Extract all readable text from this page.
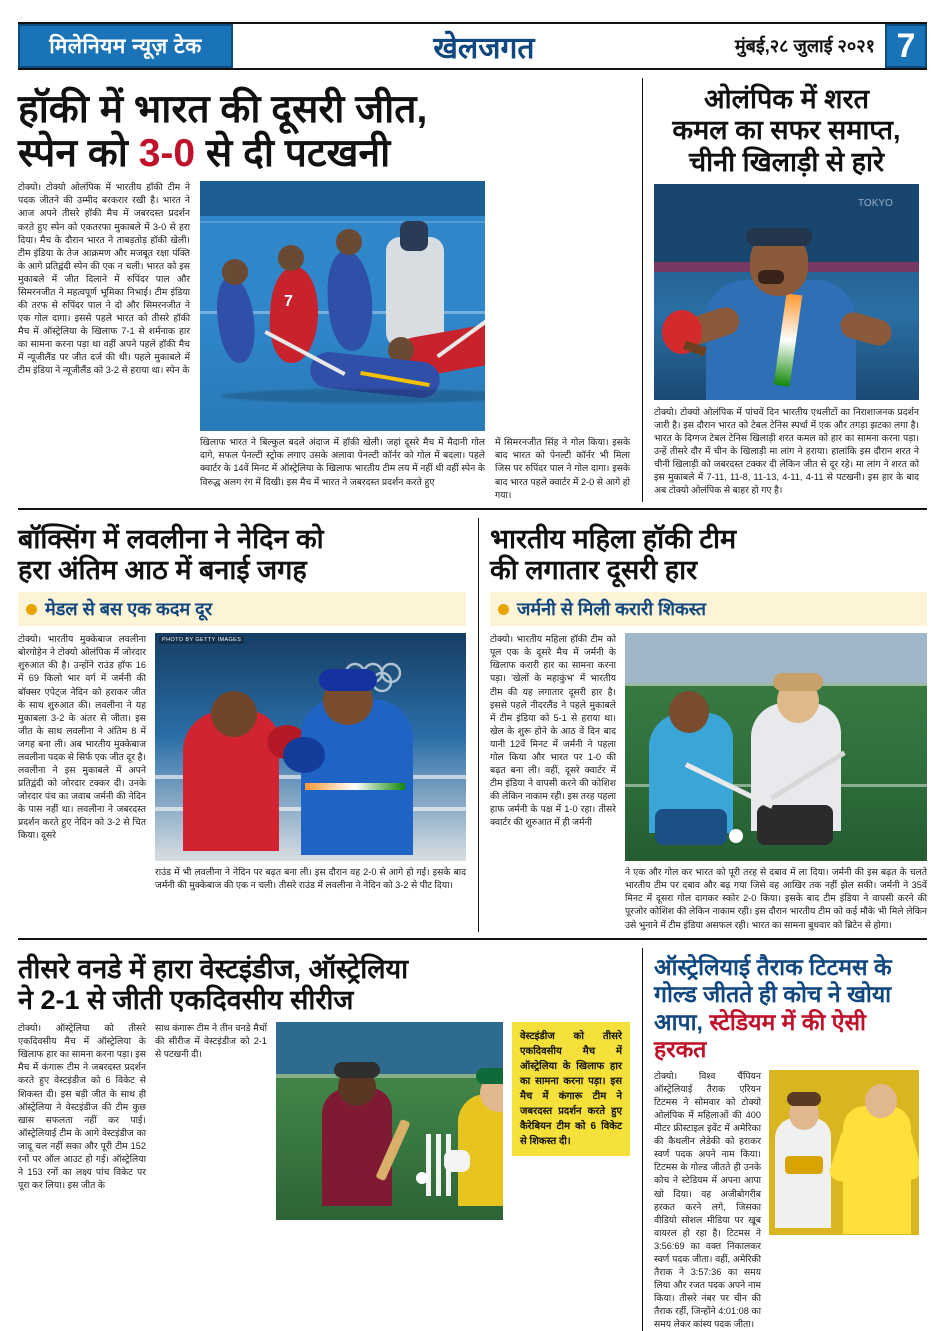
मिलेनियम न्यूज़ टेक	खेलजगत	मुंबई,२८ जुलाई २०२१ 7
हॉकी में भारत की दूसरी जीत,
स्पेन को 3-0 से दी पटखनी
टोक्यो। टोक्यो ओलंपिक में भारतीय हॉकी टीम ने पदक जीतने की उम्मीद बरकरार रखी है। भारत ने आज अपने तीसरे हॉकी मैच में जबरदस्त प्रदर्शन करते हुए स्पेन को एकतरफा मुकाबले में 3-0 से हरा दिया। मैच के दौरान भारत ने ताबड़तोड़ हॉकी खेली। टीम इंडिया के तेज आक्रमण और मजबूत रक्षा पंक्ति के आगे प्रतिद्वंदी स्पेन की एक न चली। भारत को इस मुकाबले में जीत दिलाने में रुपिंदर पाल और सिमरनजीत ने महत्वपूर्ण भूमिका निभाई। टीम इंडिया की तरफ से रुपिंदर पाल ने दो और सिमरनजीत ने एक गोल दागा। इससे पहले भारत को तीसरे हॉकी मैच में ऑस्ट्रेलिया के खिलाफ 7-1 से शर्मनाक हार का सामना करना पड़ा था वहीं अपने पहले हॉकी मैच में न्यूजीलैंड पर जीत दर्ज की थी। पहले मुकाबले में टीम इंडिया ने न्यूजीलैंड को 3-2 से हराया था। स्पेन के
7
खिलाफ भारत ने बिल्कुल बदले अंदाज में हॉकी खेली। जहां दूसरे मैच में मैदानी गोल दागे, सफल पेनल्टी स्ट्रोक लगाए उसके अलावा पेनल्टी कॉर्नर को गोल में बदला। पहले क्वार्टर के 14वें मिनट में ऑस्ट्रेलिया के खिलाफ भारतीय टीम लय में नहीं थी वहीं स्पेन के विरुद्ध अलग रंग में दिखी। इस मैच में भारत ने जबरदस्त प्रदर्शन करते हुए
में सिमरनजीत सिंह ने गोल किया। इसके बाद भारत को पेनल्टी कॉर्नर भी मिला जिस पर रुपिंदर पाल ने गोल दागा। इसके बाद भारत पहले क्वार्टर में 2-0 से आगे हो गया।
ओलंपिक में शरत
कमल का सफर समाप्त,
चीनी खिलाड़ी से हारे
TOKYO
टोक्यो। टोक्यो ओलंपिक में पांचवें दिन भारतीय एथलीटों का निराशाजनक प्रदर्शन जारी है। इस दौरान भारत को टेबल टेनिस स्पर्धा में एक और तगड़ा झटका लगा है। भारत के दिग्गज टेबल टेनिस खिलाड़ी शरत कमल को हार का सामना करना पड़ा। उन्हें तीसरे दौर में चीन के खिलाड़ी मा लांग ने हराया। हालांकि इस दौरान शरत ने चीनी खिलाड़ी को जबरदस्त टक्कर दी लेकिन जीत से दूर रहे। मा लांग ने शरत को इस मुकाबले में 7-11, 11-8, 11-13, 4-11, 4-11 से पटखनी। इस हार के बाद अब टोक्यो ओलंपिक से बाहर हो गए है।
बॉक्सिंग में लवलीना ने नेदिन को
हरा अंतिम आठ में बनाई जगह
मेडल से बस एक कदम दूर
टोक्यो। भारतीय मुक्केबाज लवलीना बोरगोहेन ने टोक्यो ओलंपिक में जोरदार शुरुआत की है। उन्होंने राउंड हॉफ 16 में 69 किलो भार वर्ग में जर्मनी की बॉक्सर एपेट्ज नेदिन को हराकर जीत के साथ शुरुआत की। लवलीना ने यह मुकाबला 3-2 के अंतर से जीता। इस जीत के साथ लवलीना ने अंतिम 8 में जगह बना ली। अब भारतीय मुक्केबाज लवलीना पदक से सिर्फ एक जीत दूर है। लवलीना ने इस मुकाबले में अपने प्रतिद्वंदी को जोरदार टक्कर दी। उनके जोरदार पंच का जवाब जर्मनी की नेदिन के पास नहीं था। लवलीना ने जबरदस्त प्रदर्शन करते हुए नेदिन को 3-2 से चित किया। दूसरे
PHOTO BY GETTY IMAGES
राउंड में भी लवलीना ने नेदिन पर बढ़त बना ली। इस दौरान वह 2-0 से आगे हो गई। इसके बाद जर्मनी की मुक्केबाज की एक न चली। तीसरे राउंड में लवलीना ने नेदिन को 3-2 से पीट दिया।
भारतीय महिला हॉकी टीम
की लगातार दूसरी हार
जर्मनी से मिली करारी शिकस्त
टोक्यो। भारतीय महिला हॉकी टीम को पूल एक के दूसरे मैच में जर्मनी के खिलाफ करारी हार का सामना करना पड़ा। 'खेलों के महाकुंभ' में भारतीय टीम की यह लगातार दूसरी हार है। इससे पहले नीदरलैंड ने पहले मुकाबले में टीम इंडिया को 5-1 से हराया था। खेल के शुरू होने के आठ वें दिन बाद यानी 12वें मिनट में जर्मनी ने पहला गोल किया और भारत पर 1-0 की बढ़त बना ली। वहीं, दूसरे क्वार्टर में टीम इंडिया ने वापसी करने की कोशिश की लेकिन नाकाम रही। इस तरह पहला हाफ जर्मनी के पक्ष में 1-0 रहा। तीसरे क्वार्टर की शुरुआत में ही जर्मनी
ने एक और गोल कर भारत को पूरी तरह से दबाव में ला दिया। जर्मनी की इस बढ़त के चलते भारतीय टीम पर दबाव और बढ़ गया जिसे वह आखिर तक नहीं झेल सकी। जर्मनी ने 35वें मिनट में दूसरा गोल दागकर स्कोर 2-0 किया। इसके बाद टीम इंडिया ने वापसी करने की पूरजोर कोशिश की लेकिन नाकाम रही। इस दौरान भारतीय टीम को कई मौके भी मिले लेकिन उसे भुनाने में टीम इंडिया असफल रही। भारत का सामना बुधवार को ब्रिटेन से होगा।
तीसरे वनडे में हारा वेस्टइंडीज, ऑस्ट्रेलिया
ने 2-1 से जीती एकदिवसीय सीरीज
टोक्यो। ऑस्ट्रेलिया को तीसरे एकदिवसीय मैच में ऑस्ट्रेलिया के खिलाफ हार का सामना करना पड़ा। इस मैच में कंगारू टीम ने जबरदस्त प्रदर्शन करते हुए वेस्टइंडीज को 6 विकेट से शिकस्त दी। इस बड़ी जीत के साथ ही ऑस्ट्रेलिया ने वेस्टइंडीज की टीम कुछ खास सफलता नहीं कर पाई। ऑस्ट्रेलियाई टीम के आगे वेस्टइंडीज का जादू चल नहीं सका और पूरी टीम 152 रनों पर ऑल आउट हो गई। ऑस्ट्रेलिया ने 153 रनों का लक्ष्य पांच विकेट पर पूरा कर लिया। इस जीत के
साथ कंगारू टीम ने तीन वनडे मैचों की सीरीज में वेस्टइंडीज को 2-1 से पटखनी दी।
वेस्टइंडीज को तीसरे एकदिवसीय मैच में ऑस्ट्रेलिया के खिलाफ हार का सामना करना पड़ा। इस मैच में कंगारू टीम ने जबरदस्त प्रदर्शन करते हुए कैरेबियन टीम को 6 विकेट से शिकस्त दी।
ऑस्ट्रेलियाई तैराक टिटमस के
गोल्ड जीतते ही कोच ने खोया
आपा, स्टेडियम में की ऐसी हरकत
टोक्यो। विश्व चैंपियन ऑस्ट्रेलियाई तैराक एरियन टिटमस ने सोमवार को टोक्यो ओलंपिक में महिलाओं की 400 मीटर फ्रीस्टाइल इवेंट में अमेरिका की कैथलीन लेडेकी को हराकर स्वर्ण पदक अपने नाम किया। टिटमस के गोल्ड जीतते ही उनके कोच ने स्टेडियम में अपना आपा खो दिया। वह अजीबोगरीब हरकत करने लगे, जिसका वीडियो सोशल मीडिया पर खूब वायरल हो रहा है। टिटमस ने 3:56:69 का वक्त निकालकर स्वर्ण पदक जीता। वहीं, अमेरिकी तैराक ने 3:57:36 का समय लिया और रजत पदक अपने नाम किया। तीसरे नंबर पर चीन की तैराक रहीं, जिन्होंने 4:01:08 का समय लेकर कांस्य पदक जीता।
